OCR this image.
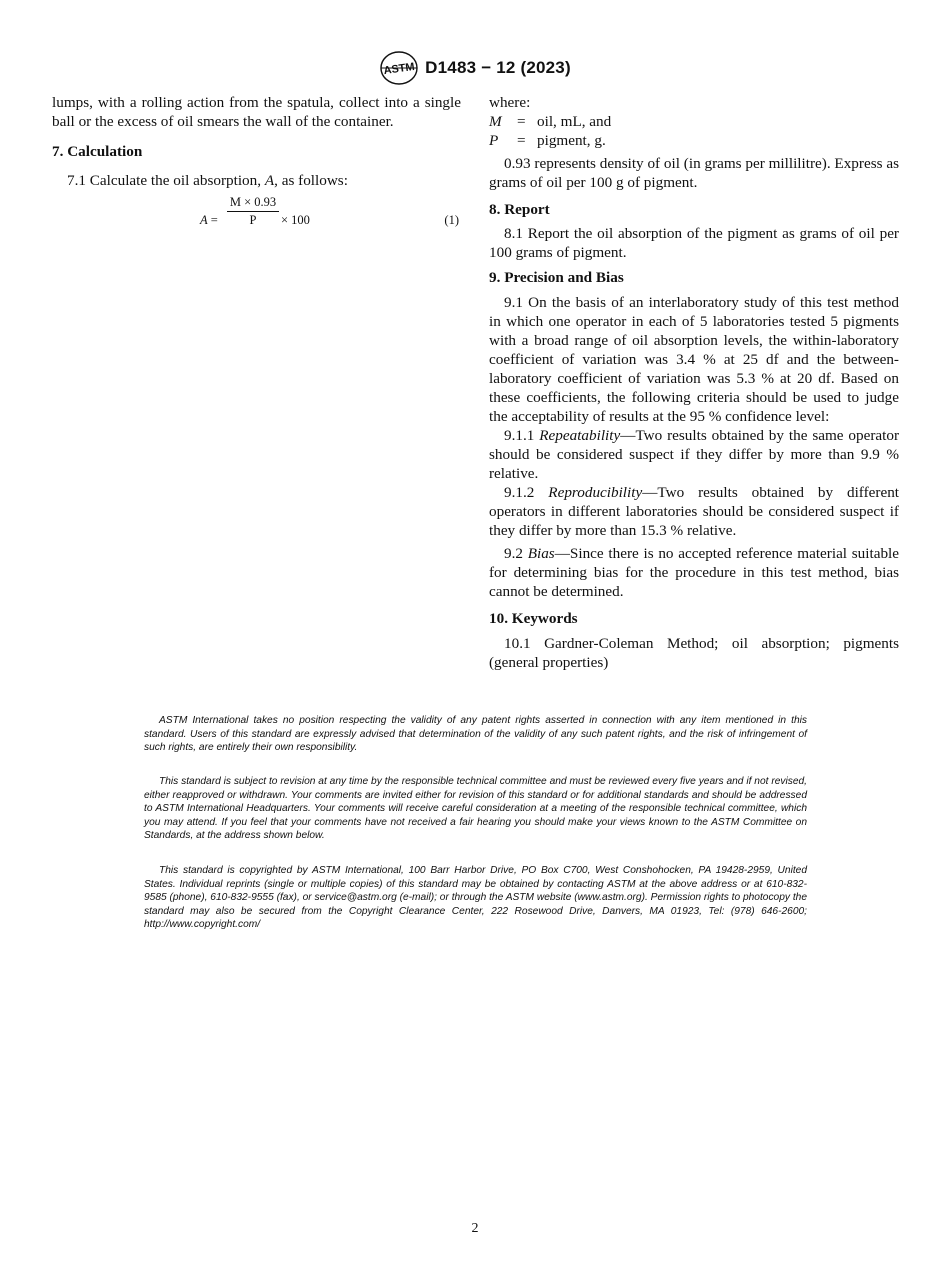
ASTM D1483 − 12 (2023)

lumps, with a rolling action from the spatula, collect into a single ball or the excess of oil smears the wall of the container.

7. Calculation

7.1 Calculate the oil absorption, A, as follows:

$A = \frac{M \times 0.93}{P} \times 100$	(1)

where:

M	= oil, mL, and
P	= pigment, g.

0.93 represents density of oil (in grams per millilitre). Express as grams of oil per 100 g of pigment.

8. Report

8.1 Report the oil absorption of the pigment as grams of oil per 100 grams of pigment.

9. Precision and Bias

9.1 On the basis of an interlaboratory study of this test method in which one operator in each of 5 laboratories tested 5 pigments with a broad range of oil absorption levels, the within-laboratory coefficient of variation was 3.4 % at 25 df and the between-laboratory coefficient of variation was 5.3 % at 20 df. Based on these coefficients, the following criteria should be used to judge the acceptability of results at the 95 % confidence level:

9.1.1 Repeatability—Two results obtained by the same operator should be considered suspect if they differ by more than 9.9 % relative.

9.1.2 Reproducibility—Two results obtained by different operators in different laboratories should be considered suspect if they differ by more than 15.3 % relative.

9.2 Bias—Since there is no accepted reference material suitable for determining bias for the procedure in this test method, bias cannot be determined.

10. Keywords

10.1 Gardner-Coleman Method; oil absorption; pigments (general properties)

ASTM International takes no position respecting the validity of any patent rights asserted in connection with any item mentioned in this standard. Users of this standard are expressly advised that determination of the validity of any such patent rights, and the risk of infringement of such rights, are entirely their own responsibility.

This standard is subject to revision at any time by the responsible technical committee and must be reviewed every five years and if not revised, either reapproved or withdrawn. Your comments are invited either for revision of this standard or for additional standards and should be addressed to ASTM International Headquarters. Your comments will receive careful consideration at a meeting of the responsible technical committee, which you may attend. If you feel that your comments have not received a fair hearing you should make your views known to the ASTM Committee on Standards, at the address shown below.

This standard is copyrighted by ASTM International, 100 Barr Harbor Drive, PO Box C700, West Conshohocken, PA 19428-2959, United States. Individual reprints (single or multiple copies) of this standard may be obtained by contacting ASTM at the above address or at 610-832-9585 (phone), 610-832-9555 (fax), or service@astm.org (e-mail); or through the ASTM website (www.astm.org). Permission rights to photocopy the standard may also be secured from the Copyright Clearance Center, 222 Rosewood Drive, Danvers, MA 01923, Tel: (978) 646-2600; http://www.copyright.com/

2
